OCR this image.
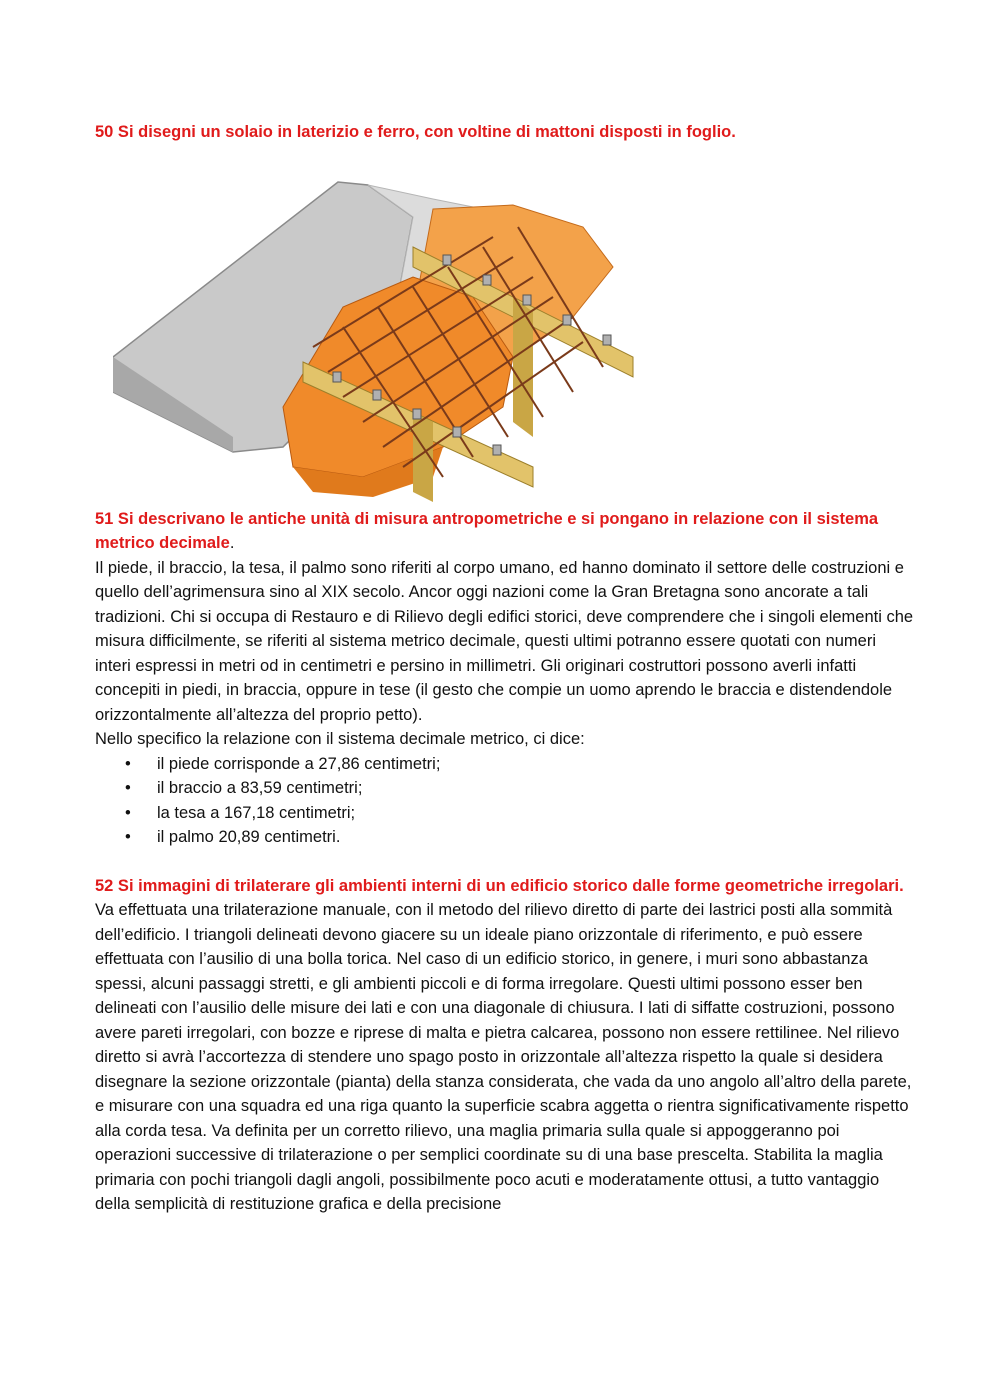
50 Si disegni un solaio in laterizio e ferro, con voltine di mattoni disposti in foglio.

51 Si descrivano le antiche unità di misura antropometriche e si pongano in relazione con il sistema metrico decimale.

Il piede, il braccio, la tesa, il palmo sono riferiti al corpo umano, ed hanno dominato il settore delle costruzioni e quello dell’agrimensura sino al XIX secolo. Ancor oggi nazioni come la Gran Bretagna sono ancorate a tali tradizioni. Chi si occupa di Restauro e di Rilievo degli edifici storici, deve comprendere che i singoli elementi che misura difficilmente, se riferiti al sistema metrico decimale, questi ultimi potranno essere quotati con numeri interi espressi in metri od in centimetri e persino in millimetri. Gli originari costruttori possono averli infatti concepiti in piedi, in braccia, oppure in tese (il gesto che compie un uomo aprendo le braccia e distendendole orizzontalmente all’altezza del proprio petto).

Nello specifico la relazione con il sistema decimale metrico, ci dice:

• il piede corrisponde a 27,86 centimetri;
• il braccio a 83,59 centimetri;
• la tesa a 167,18 centimetri;
• il palmo 20,89 centimetri.

52 Si immagini di trilaterare gli ambienti interni di un edificio storico dalle forme geometriche irregolari.

Va effettuata una trilaterazione manuale, con il metodo del rilievo diretto di parte dei lastrici posti alla sommità dell’edificio. I triangoli delineati devono giacere su un ideale piano orizzontale di riferimento, e può essere effettuata con l’ausilio di una bolla torica. Nel caso di un edificio storico, in genere, i muri sono abbastanza spessi, alcuni passaggi stretti, e gli ambienti piccoli e di forma irregolare. Questi ultimi possono esser ben delineati con l’ausilio delle misure dei lati e con una diagonale di chiusura. I lati di siffatte costruzioni, possono avere pareti irregolari, con bozze e riprese di malta e pietra calcarea, possono non essere rettilinee. Nel rilievo diretto si avrà l’accortezza di stendere uno spago posto in orizzontale all’altezza rispetto la quale si desidera disegnare la sezione orizzontale (pianta) della stanza considerata, che vada da uno angolo all’altro della parete, e misurare con una squadra ed una riga quanto la superficie scabra aggetta o rientra significativamente rispetto alla corda tesa. Va definita per un corretto rilievo, una maglia primaria sulla quale si appoggeranno poi operazioni successive di trilaterazione o per semplici coordinate su di una base prescelta. Stabilita la maglia primaria con pochi triangoli dagli angoli, possibilmente poco acuti e moderatamente ottusi, a tutto vantaggio della semplicità di restituzione grafica e della precisione
